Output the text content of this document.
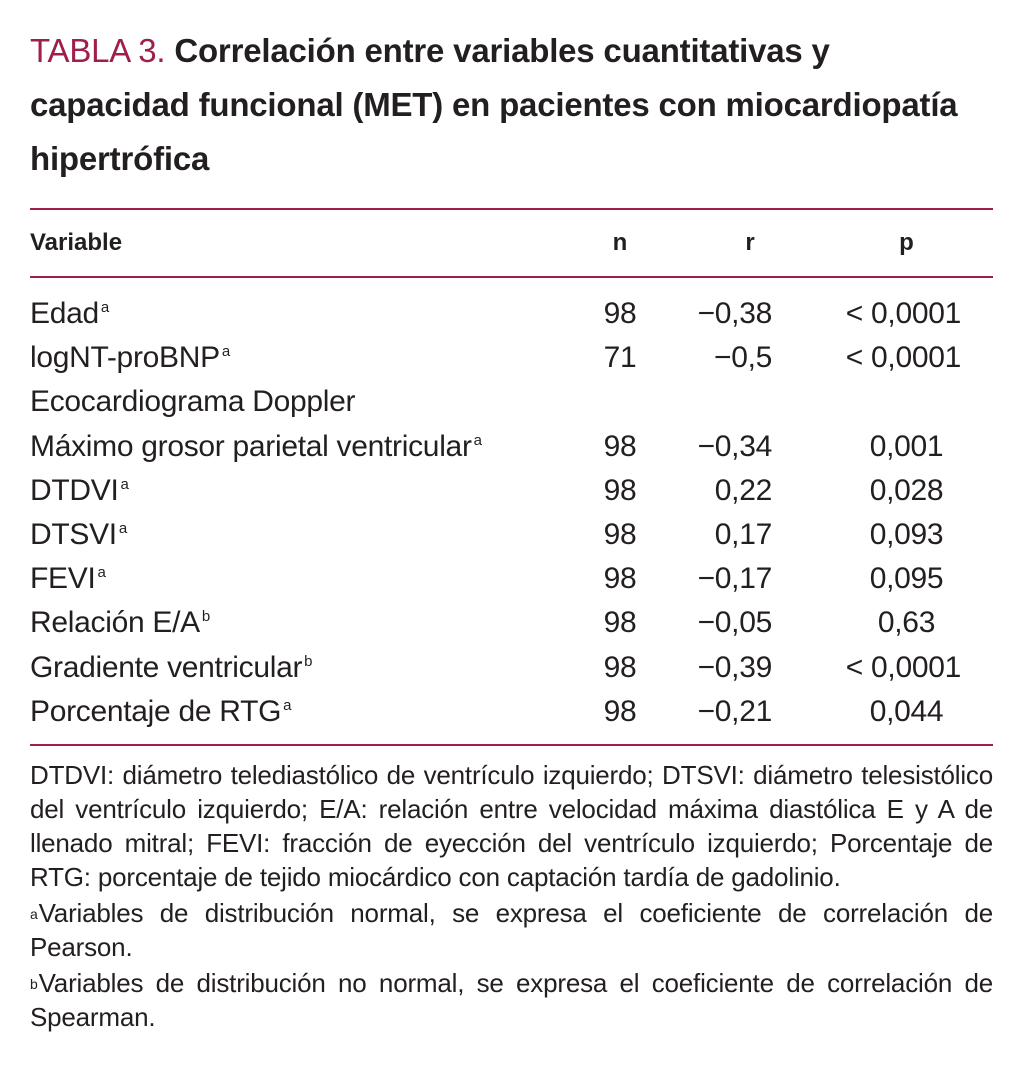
TABLA 3. Correlación entre variables cuantitativas y capacidad funcional (MET) en pacientes con miocardiopatía hipertrófica
Variable	n	r	p
Edad $^a$	98	−0,38	< 0,0001
logNT-proBNP $^a$	71	−0,5	< 0,0001
Ecocardiograma Doppler			
Máximo grosor parietal ventricular $^a$	98	−0,34	0,001
DTDVI $^a$	98	0,22	0,028
DTSVI $^a$	98	0,17	0,093
FEVI $^a$	98	−0,17	0,095
Relación E/A $^b$	98	−0,05	0,63
Gradiente ventricular $^b$	98	−0,39	< 0,0001
Porcentaje de RTG $^a$	98	−0,21	0,044

DTDVI: diámetro telediastólico de ventrículo izquierdo; DTSVI: diámetro telesistólico del ventrículo izquierdo; E/A: relación entre velocidad máxima diastólica E y A de llenado mitral; FEVI: fracción de eyección del ventrículo izquierdo; Porcentaje de RTG: porcentaje de tejido miocárdico con captación tardía de gadolinio.

$^a$Variables de distribución normal, se expresa el coeficiente de correlación de Pearson.

$^b$Variables de distribución no normal, se expresa el coeficiente de correlación de Spearman.
